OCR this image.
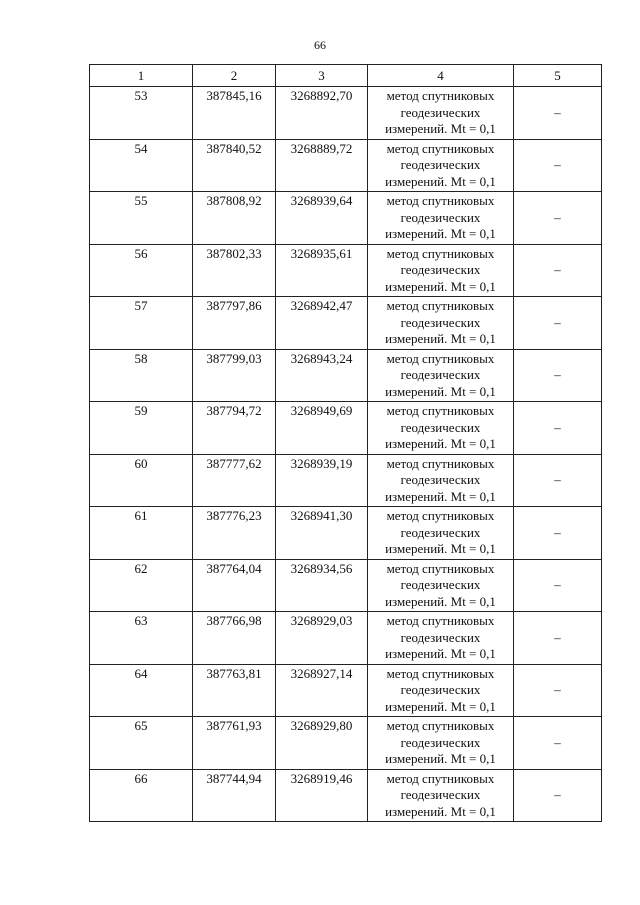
66
1	2	3	4	5
53	387845,16	3268892,70	метод спутниковых
геодезических
измерений. Mt = 0,1	–
54	387840,52	3268889,72	метод спутниковых
геодезических
измерений. Mt = 0,1	–
55	387808,92	3268939,64	метод спутниковых
геодезических
измерений. Mt = 0,1	–
56	387802,33	3268935,61	метод спутниковых
геодезических
измерений. Mt = 0,1	–
57	387797,86	3268942,47	метод спутниковых
геодезических
измерений. Mt = 0,1	–
58	387799,03	3268943,24	метод спутниковых
геодезических
измерений. Mt = 0,1	–
59	387794,72	3268949,69	метод спутниковых
геодезических
измерений. Mt = 0,1	–
60	387777,62	3268939,19	метод спутниковых
геодезических
измерений. Mt = 0,1	–
61	387776,23	3268941,30	метод спутниковых
геодезических
измерений. Mt = 0,1	–
62	387764,04	3268934,56	метод спутниковых
геодезических
измерений. Mt = 0,1	–
63	387766,98	3268929,03	метод спутниковых
геодезических
измерений. Mt = 0,1	–
64	387763,81	3268927,14	метод спутниковых
геодезических
измерений. Mt = 0,1	–
65	387761,93	3268929,80	метод спутниковых
геодезических
измерений. Mt = 0,1	–
66	387744,94	3268919,46	метод спутниковых
геодезических
измерений. Mt = 0,1	–
